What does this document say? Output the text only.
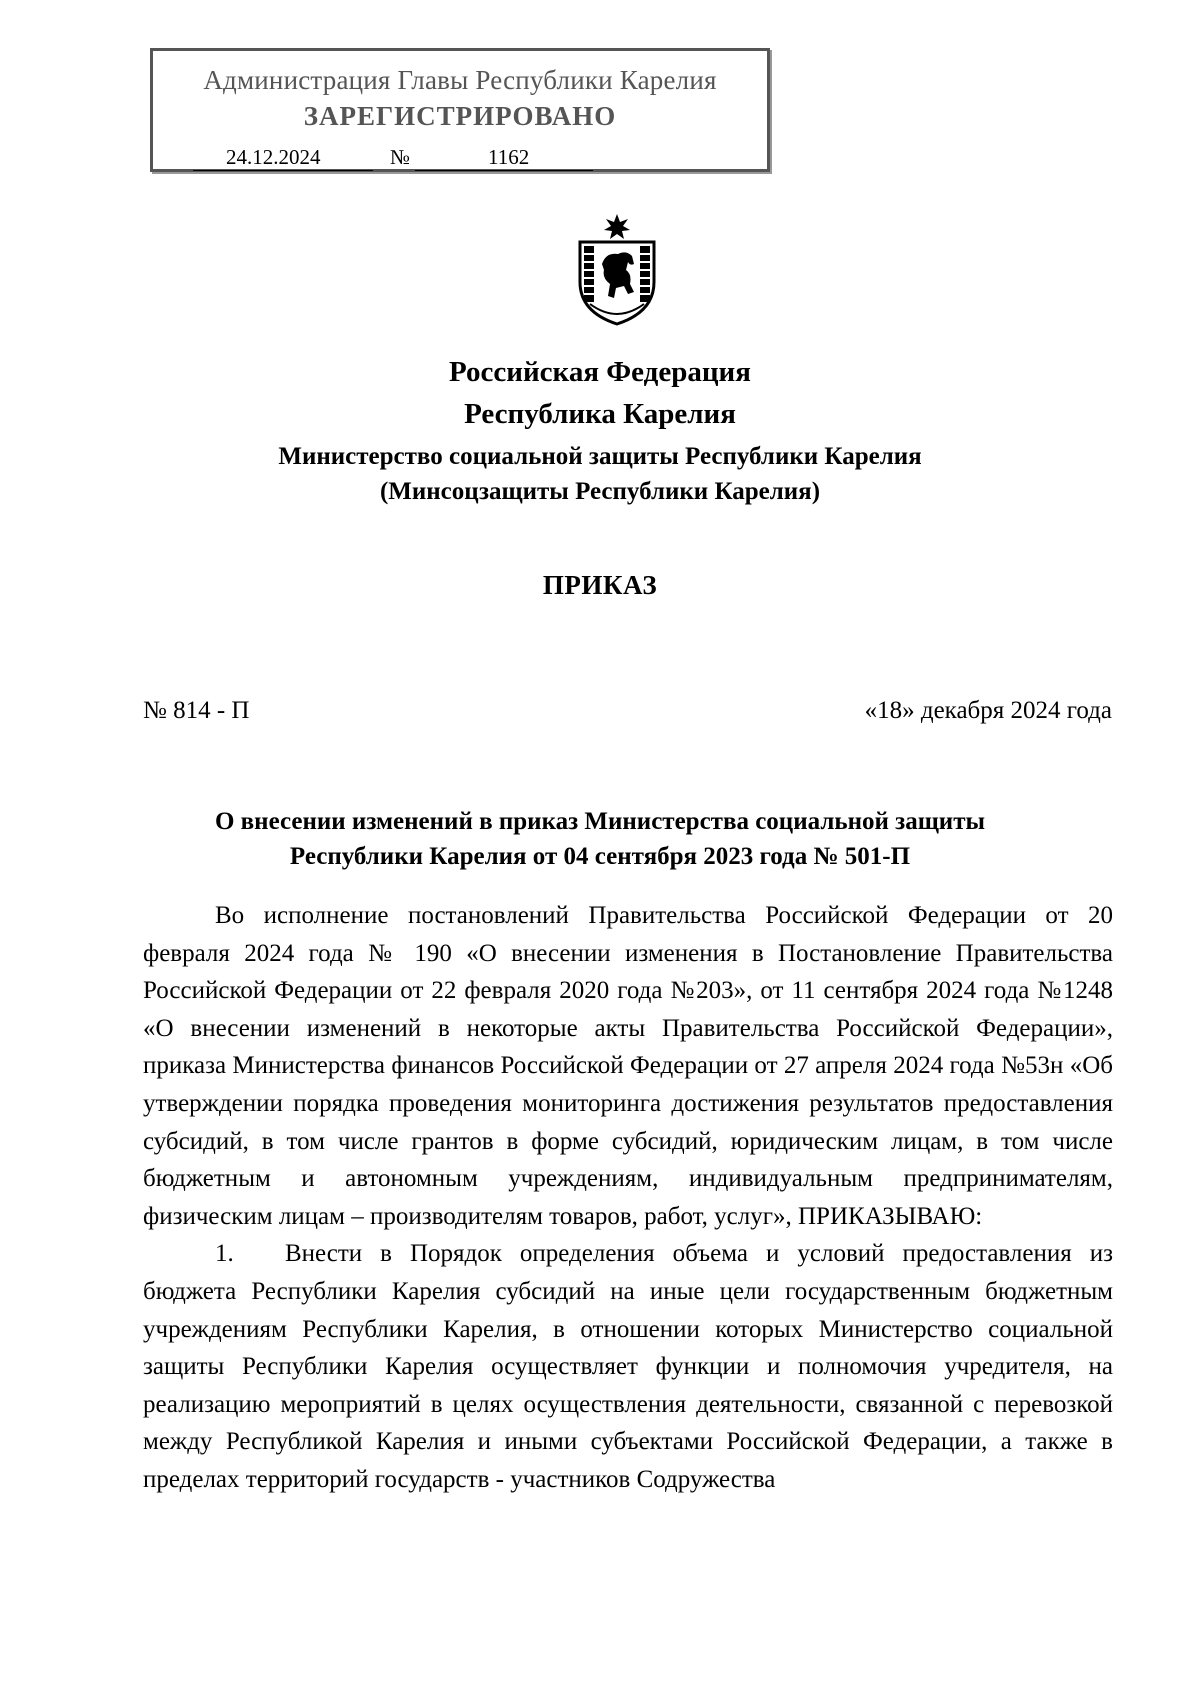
Администрация Главы Республики Карелия
ЗАРЕГИСТРИРОВАНО
24.12.2024	№	1162
Российская Федерация
Республика Карелия
Министерство социальной защиты Республики Карелия
(Минсоцзащиты Республики Карелия)
ПРИКАЗ
№ 814 - П	«18» декабря 2024 года
О внесении изменений в приказ Министерства социальной защиты
Республики Карелия от 04 сентября 2023 года № 501-П

Во исполнение постановлений Правительства Российской Федерации от 20 февраля 2024 года № 190 «О внесении изменения в Постановление Правительства Российской Федерации от 22 февраля 2020 года №203», от 11 сентября 2024 года №1248 «О внесении изменений в некоторые акты Правительства Российской Федерации», приказа Министерства финансов Российской Федерации от 27 апреля 2024 года №53н «Об утверждении порядка проведения мониторинга достижения результатов предоставления субсидий, в том числе грантов в форме субсидий, юридическим лицам, в том числе бюджетным и автономным учреждениям, индивидуальным предпринимателям, физическим лицам – производителям товаров, работ, услуг», ПРИКАЗЫВАЮ:

1. Внести в Порядок определения объема и условий предоставления из бюджета Республики Карелия субсидий на иные цели государственным бюджетным учреждениям Республики Карелия, в отношении которых Министерство социальной защиты Республики Карелия осуществляет функции и полномочия учредителя, на реализацию мероприятий в целях осуществления деятельности, связанной с перевозкой между Республикой Карелия и иными субъектами Российской Федерации, а также в пределах территорий государств - участников Содружества
